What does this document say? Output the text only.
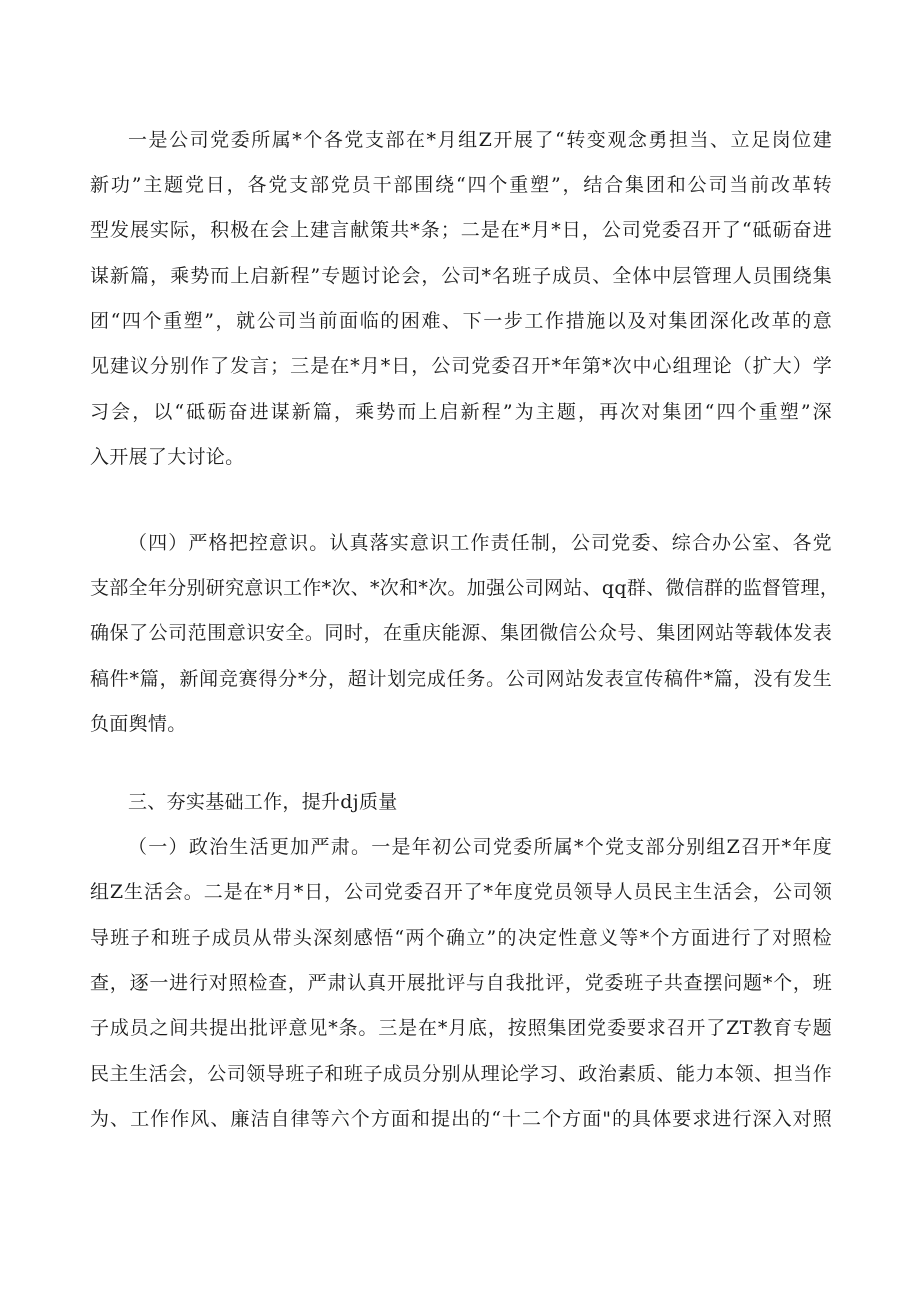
一是公司党委所属*个各党支部在*月组Z开展了“转变观念勇担当、立足岗位建
新功”主题党日，各党支部党员干部围绕“四个重塑”，结合集团和公司当前改革转
型发展实际，积极在会上建言献策共*条；二是在*月*日，公司党委召开了“砥砺奋进
谋新篇，乘势而上启新程”专题讨论会，公司*名班子成员、全体中层管理人员围绕集
团“四个重塑”，就公司当前面临的困难、下一步工作措施以及对集团深化改革的意
见建议分别作了发言；三是在*月*日，公司党委召开*年第*次中心组理论（扩大）学
习会，以“砥砺奋进谋新篇，乘势而上启新程”为主题，再次对集团“四个重塑”深
入开展了大讨论。
（四）严格把控意识。认真落实意识工作责任制，公司党委、综合办公室、各党
支部全年分别研究意识工作*次、*次和*次。加强公司网站、qq群、微信群的监督管理，
确保了公司范围意识安全。同时，在重庆能源、集团微信公众号、集团网站等载体发表
稿件*篇，新闻竞赛得分*分，超计划完成任务。公司网站发表宣传稿件*篇，没有发生
负面舆情。
三、夯实基础工作，提升dj质量
（一）政治生活更加严肃。一是年初公司党委所属*个党支部分别组Z召开*年度
组Z生活会。二是在*月*日，公司党委召开了*年度党员领导人员民主生活会，公司领
导班子和班子成员从带头深刻感悟“两个确立”的决定性意义等*个方面进行了对照检
查，逐一进行对照检查，严肃认真开展批评与自我批评，党委班子共查摆问题*个，班
子成员之间共提出批评意见*条。三是在*月底，按照集团党委要求召开了ZT教育专题
民主生活会，公司领导班子和班子成员分别从理论学习、政治素质、能力本领、担当作
为、工作作风、廉洁自律等六个方面和提出的“十二个方面"的具体要求进行深入对照
